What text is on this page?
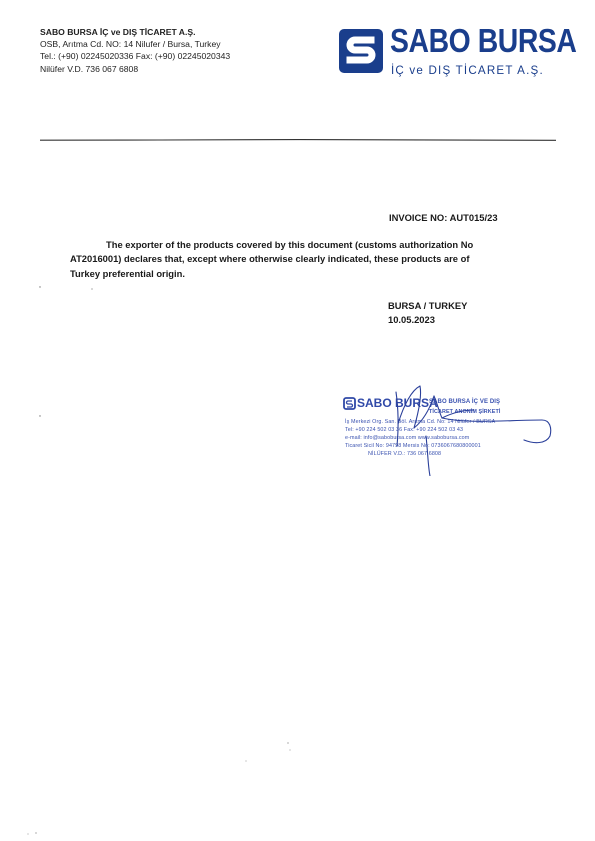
SABO BURSA İÇ ve DIŞ TİCARET A.Ş.
OSB, Arıtma Cd. NO: 14 Nilufer / Bursa, Turkey
Tel.: (+90) 02245020336 Fax: (+90) 02245020343
Nilüfer V.D. 736 067 6808
SABO BURSA
İÇ ve DIŞ TİCARET A.Ş.
INVOICE NO: AUT015/23
The exporter of the products covered by this document (customs authorization No
AT2016001) declares that, except where otherwise clearly indicated, these products are of
Turkey preferential origin.
BURSA / TURKEY
10.05.2023
SABO BURSA
SABO BURSA İÇ VE DIŞ
TİCARET ANONİM ŞİRKETİ
İş Merkezi Org. San. Böl. Arıtma Cd. No: 14 Nilüfer / BURSA
Tel: +90 224 502 03 36 Fax: +90 224 502 03 43
e-mail: info@sabobursa.com www.sabobursa.com
Ticaret Sicil No: 94798 Mersis No: 0736067680800001
NİLÜFER V.D.: 736 067 6808
